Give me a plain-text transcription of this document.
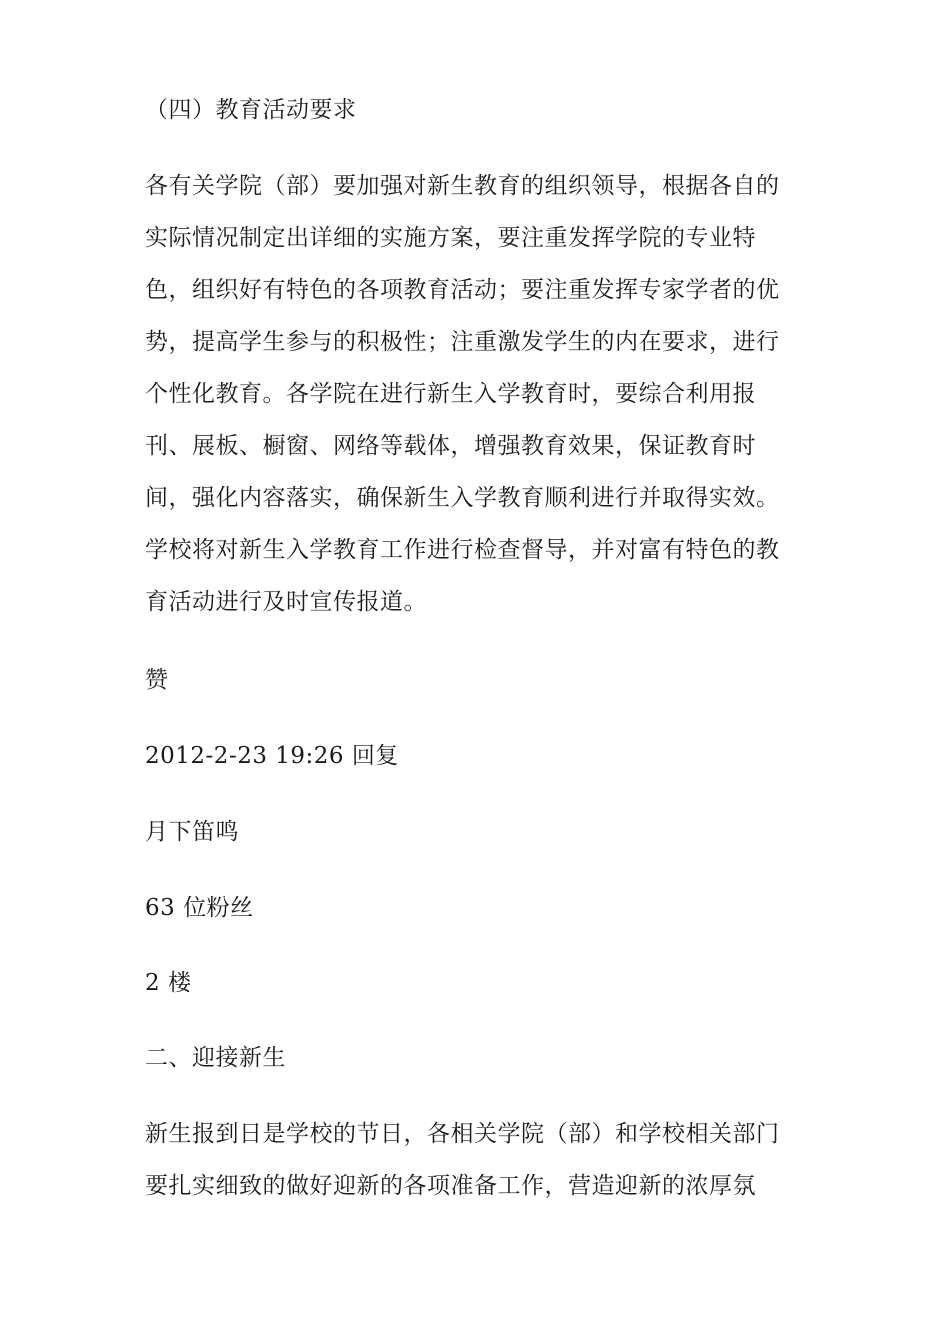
（四）教育活动要求
各有关学院（部）要加强对新生教育的组织领导，根据各自的
实际情况制定出详细的实施方案，要注重发挥学院的专业特
色，组织好有特色的各项教育活动；要注重发挥专家学者的优
势，提高学生参与的积极性；注重激发学生的内在要求，进行
个性化教育。各学院在进行新生入学教育时，要综合利用报
刊、展板、橱窗、网络等载体，增强教育效果，保证教育时
间，强化内容落实，确保新生入学教育顺利进行并取得实效。
学校将对新生入学教育工作进行检查督导，并对富有特色的教
育活动进行及时宣传报道。
赞
2012-2-23 19:26 回复
月下笛鸣
63 位粉丝
2 楼
二、迎接新生
新生报到日是学校的节日，各相关学院（部）和学校相关部门
要扎实细致的做好迎新的各项准备工作，营造迎新的浓厚氛
